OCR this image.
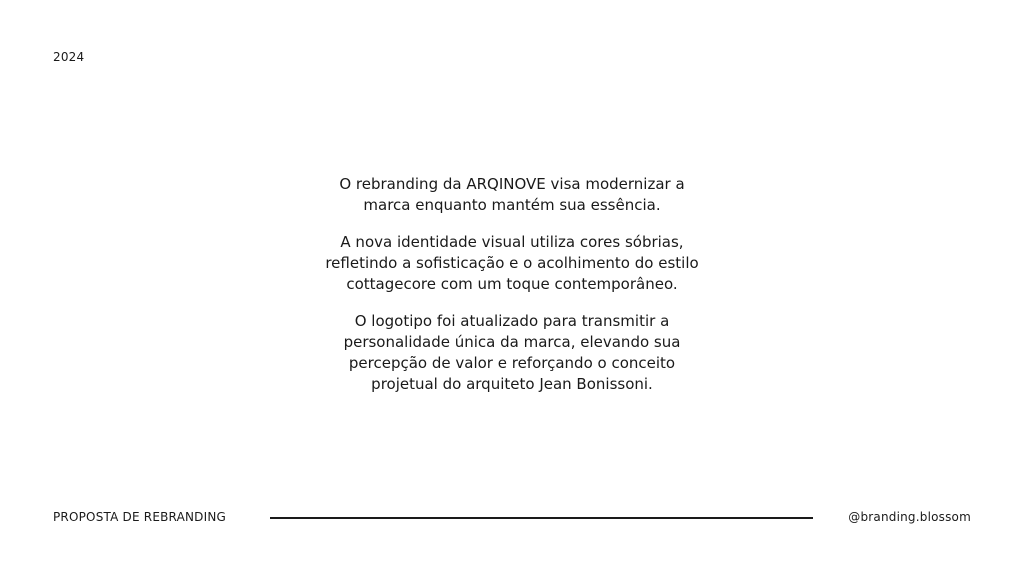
2024
O rebranding da ARQINOVE visa modernizar a
marca enquanto mantém sua essência.
A nova identidade visual utiliza cores sóbrias,
refletindo a sofisticação e o acolhimento do estilo
cottagecore com um toque contemporâneo.
O logotipo foi atualizado para transmitir a
personalidade única da marca, elevando sua
percepção de valor e reforçando o conceito
projetual do arquiteto Jean Bonissoni.
PROPOSTA DE REBRANDING	@branding.blossom
